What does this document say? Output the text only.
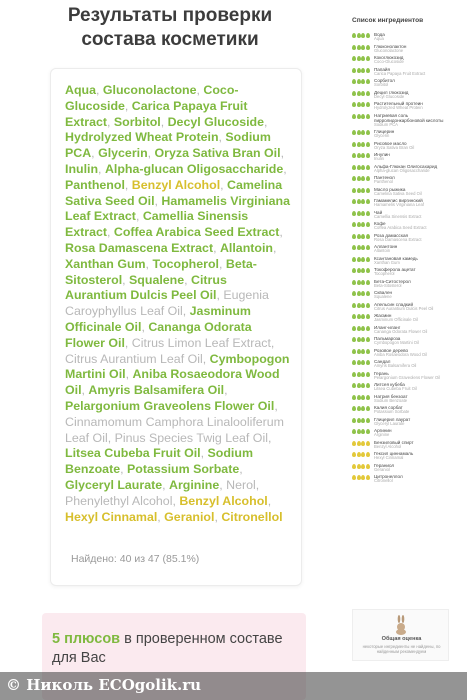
Результаты проверки состава косметики
Aqua, Gluconolactone, Coco-Glucoside, Carica Papaya Fruit Extract, Sorbitol, Decyl Glucoside, Hydrolyzed Wheat Protein, Sodium PCA, Glycerin, Oryza Sativa Bran Oil, Inulin, Alpha-glucan Oligosaccharide, Panthenol, Benzyl Alcohol, Camelina Sativa Seed Oil, Hamamelis Virginiana Leaf Extract, Camellia Sinensis Extract, Coffea Arabica Seed Extract, Rosa Damascena Extract, Allantoin, Xanthan Gum, Tocopherol, Beta-Sitosterol, Squalene, Citrus Aurantium Dulcis Peel Oil, Eugenia Caroyphyllus Leaf Oil, Jasminum Officinale Oil, Cananga Odorata Flower Oil, Citrus Limon Leaf Extract, Citrus Aurantium Leaf Oil, Cymbopogon Martini Oil, Aniba Rosaeodora Wood Oil, Amyris Balsamifera Oil, Pelargonium Graveolens Flower Oil, Cinnamomum Camphora Linalooliferum Leaf Oil, Pinus Species Twig Leaf Oil, Litsea Cubeba Fruit Oil, Sodium Benzoate, Potassium Sorbate, Glyceryl Laurate, Arginine, Nerol, Phenylethyl Alcohol, Benzyl Alcohol, Hexyl Cinnamal, Geraniol, Citronellol
Найдено: 40 из 47 (85.1%)
5 плюсов в проверенном составе для Вас
Список ингредиентов
Вода
Aqua
Глюконолактон
Gluconolactone
Кокоглюкозид
Coco-Glucoside
Папайя
Carica Papaya Fruit Extract
Сорбитол
Sorbitol
Децил глюкозид
Decyl Glucoside
Растительный протеин
Hydrolyzed Wheat Protein
Натриевая соль пирролидонкарбоновой кислоты
Sodium PCA
Глицерин
Glycerin
Рисовое масло
Oryza Sativa Bran Oil
Инулин
Inulin
Альфа-Глюкан Олигосахарид
Alpha-glucan Oligosaccharide
Пантенол
Panthenol
Масло рыжика
Camelina Sativa Seed Oil
Гамамелис виргинский
Hamamelis Virginiana Leaf
Чай
Camellia Sinensis Extract
Кофе
Coffea Arabica Seed Extract
Роза дамасская
Rosa Damascena Extract
Аллантоин
Allantoin
Ксантановая камедь
Xanthan Gum
Токоферола ацетат
Tocopherol
Бета-Ситостерол
Beta-Sitosterol
Сквален
Squalene
Апельсин сладкий
Citrus Aurantium Dulcis Peel Oil
Жасмин
Jasminum Officinale Oil
Иланг-иланг
Cananga Odorata Flower Oil
Пальмароза
Cymbopogon Martini Oil
Розовое дерево
Aniba Rosaeodora Wood Oil
Сандал
Amyris Balsamifera Oil
Герань
Pelargonium Graveolens Flower Oil
Литсея кубеба
Litsea Cubeba Fruit Oil
Натрия бензоат
Sodium Benzoate
Калия сорбат
Potassium Sorbate
Глицерил лаурат
Glyceryl Laurate
Аргинин
Arginine
Бензиловый спирт
Benzyl Alcohol
Гексил циннамаль
Hexyl Cinnamal
Гераниол
Geraniol
Цитронеллол
Citronellol
Общая оценка
некоторые ингредиенты не найдены, по найденным рекомендуем
© Николь ECOgolik.ru
